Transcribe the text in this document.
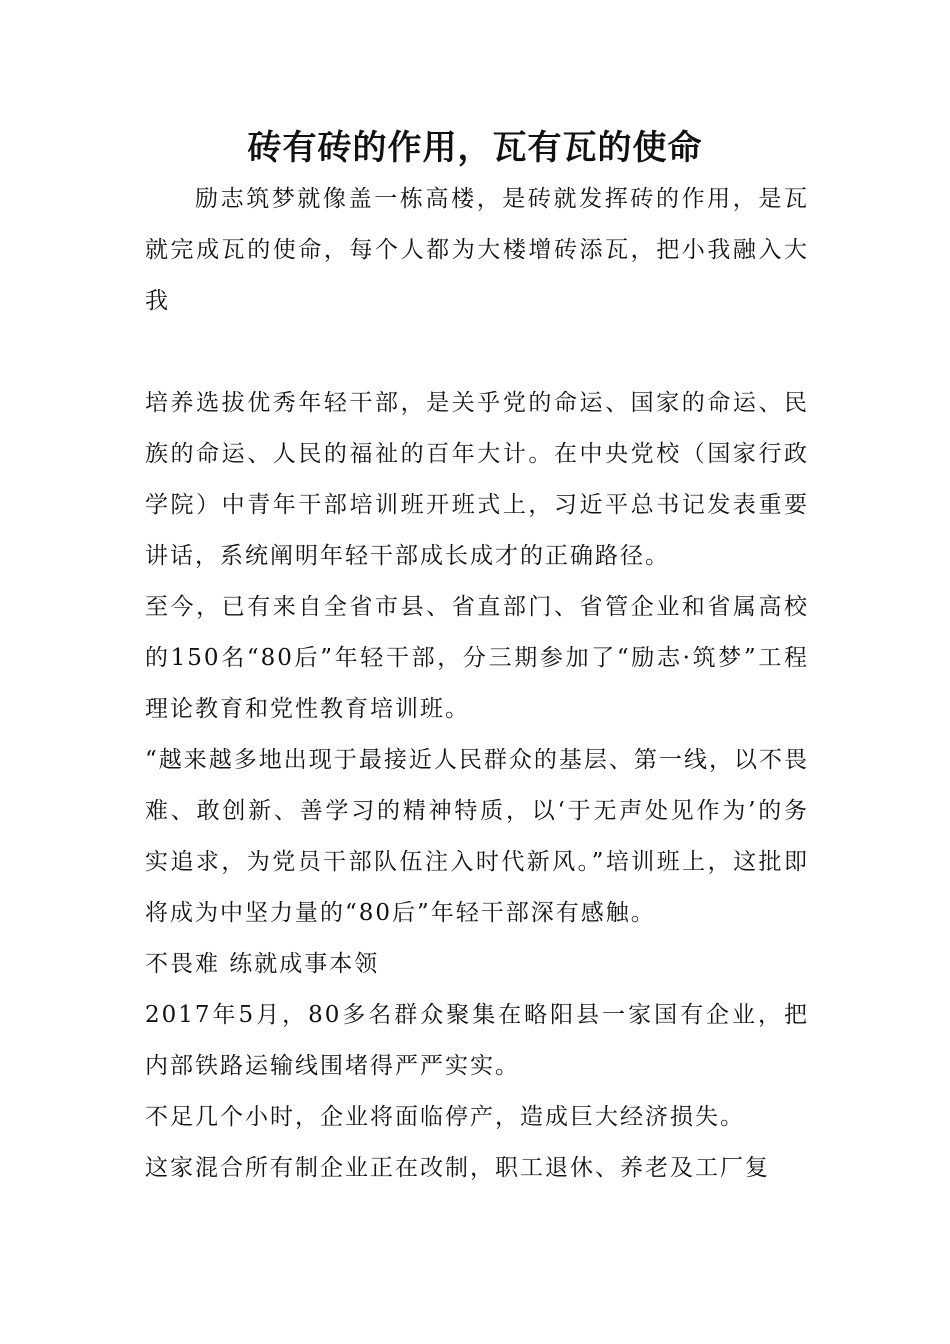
砖有砖的作用，瓦有瓦的使命

励志筑梦就像盖一栋高楼，是砖就发挥砖的作用，是瓦就完成瓦的使命，每个人都为大楼增砖添瓦，把小我融入大我

培养选拔优秀年轻干部，是关乎党的命运、国家的命运、民族的命运、人民的福祉的百年大计。在中央党校（国家行政学院）中青年干部培训班开班式上，习近平总书记发表重要讲话，系统阐明年轻干部成长成才的正确路径。

至今，已有来自全省市县、省直部门、省管企业和省属高校的150名“80后”年轻干部，分三期参加了“励志·筑梦”工程理论教育和党性教育培训班。

“越来越多地出现于最接近人民群众的基层、第一线，以不畏难、敢创新、善学习的精神特质，以‘于无声处见作为’的务实追求，为党员干部队伍注入时代新风。”培训班上，这批即将成为中坚力量的“80后”年轻干部深有感触。

不畏难 练就成事本领

2017年5月，80多名群众聚集在略阳县一家国有企业，把内部铁路运输线围堵得严严实实。

不足几个小时，企业将面临停产，造成巨大经济损失。

这家混合所有制企业正在改制，职工退休、养老及工厂复
